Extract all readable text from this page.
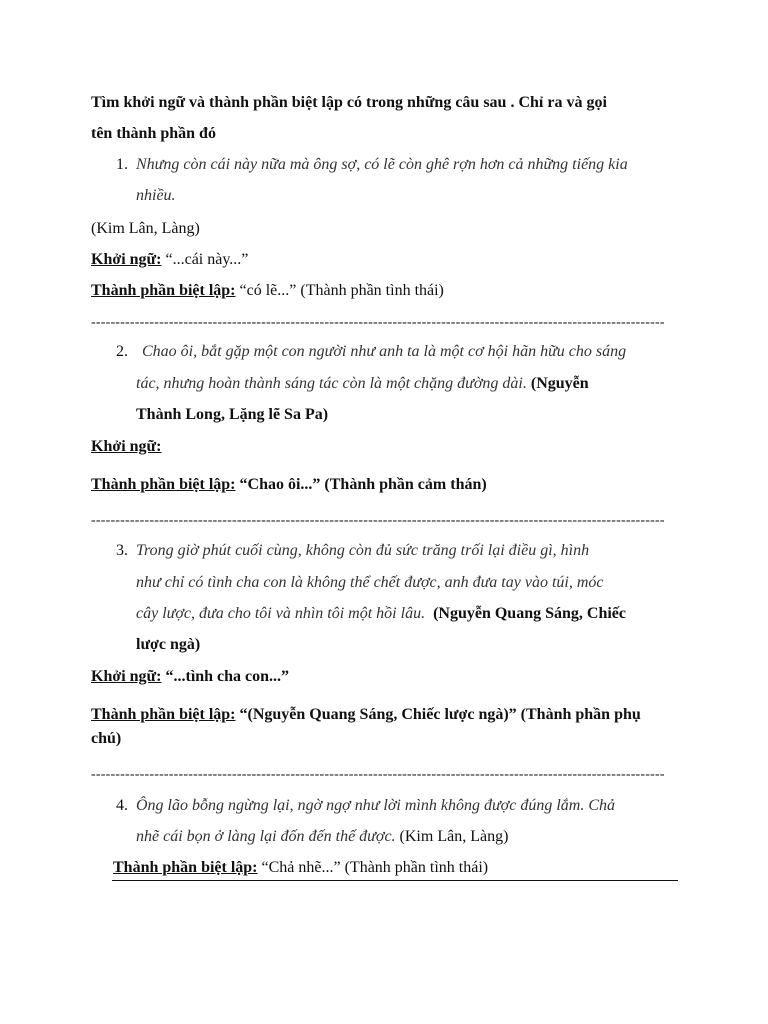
Tìm khởi ngữ và thành phần biệt lập có trong những câu sau . Chỉ ra và gọi
tên thành phần đó
1. Nhưng còn cái này nữa mà ông sợ, có lẽ còn ghê rợn hơn cả những tiếng kia
nhiều.
(Kim Lân, Làng)
Khởi ngữ: “...cái này...”
Thành phần biệt lập: “có lẽ...” (Thành phần tình thái)
----------------------------------------------------------------------------------------------------------------------
2. Chao ôi, bắt gặp một con người như anh ta là một cơ hội hãn hữu cho sáng
tác, nhưng hoàn thành sáng tác còn là một chặng đường dài. (Nguyễn
Thành Long, Lặng lẽ Sa Pa)
Khởi ngữ:
Thành phần biệt lập: “Chao ôi...” (Thành phần cảm thán)
----------------------------------------------------------------------------------------------------------------------
3. Trong giờ phút cuối cùng, không còn đủ sức trăng trối lại điều gì, hình
như chỉ có tình cha con là không thể chết được, anh đưa tay vào túi, móc
cây lược, đưa cho tôi và nhìn tôi một hồi lâu. (Nguyễn Quang Sáng, Chiếc
lược ngà)
Khởi ngữ: “...tình cha con...”
Thành phần biệt lập: “(Nguyễn Quang Sáng, Chiếc lược ngà)” (Thành phần phụ
chú)
----------------------------------------------------------------------------------------------------------------------
4. Ông lão bỗng ngừng lại, ngờ ngợ như lời mình không được đúng lắm. Chả
nhẽ cái bọn ở làng lại đốn đến thế được. (Kim Lân, Làng)
Thành phần biệt lập: “Chả nhẽ...” (Thành phần tình thái)
